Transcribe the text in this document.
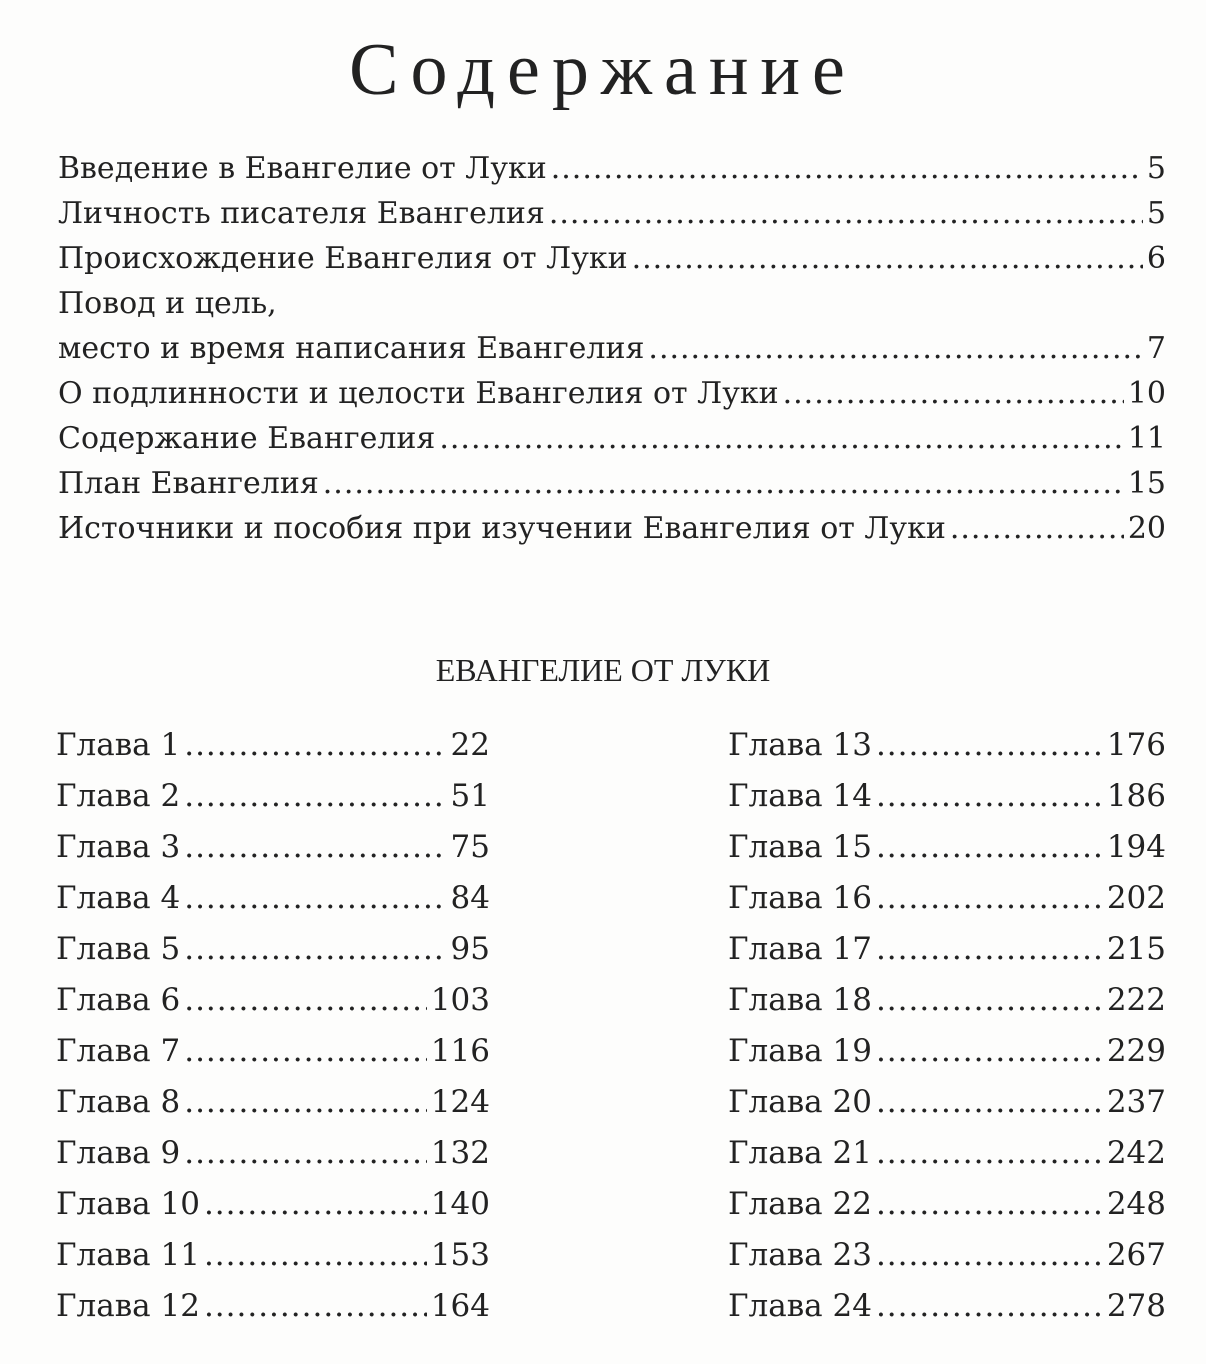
Содержание
Введение в Евангелие от Луки .....	5
Личность писателя Евангелия .....	5
Происхождение Евангелия от Луки .....	6
Повод и цель,
место и время написания Евангелия .....	7
О подлинности и целости Евангелия от Луки .....	10
Содержание Евангелия .....	11
План Евангелия .....	15
Источники и пособия при изучении Евангелия от Луки .....	20
ЕВАНГЕЛИЕ ОТ ЛУКИ
Глава 1 .....	22
Глава 2 .....	51
Глава 3 .....	75
Глава 4 .....	84
Глава 5 .....	95
Глава 6 .....	103
Глава 7 .....	116
Глава 8 .....	124
Глава 9 .....	132
Глава 10 .....	140
Глава 11 .....	153
Глава 12 .....	164
Глава 13 .....	176
Глава 14 .....	186
Глава 15 .....	194
Глава 16 .....	202
Глава 17 .....	215
Глава 18 .....	222
Глава 19 .....	229
Глава 20 .....	237
Глава 21 .....	242
Глава 22 .....	248
Глава 23 .....	267
Глава 24 .....	278
